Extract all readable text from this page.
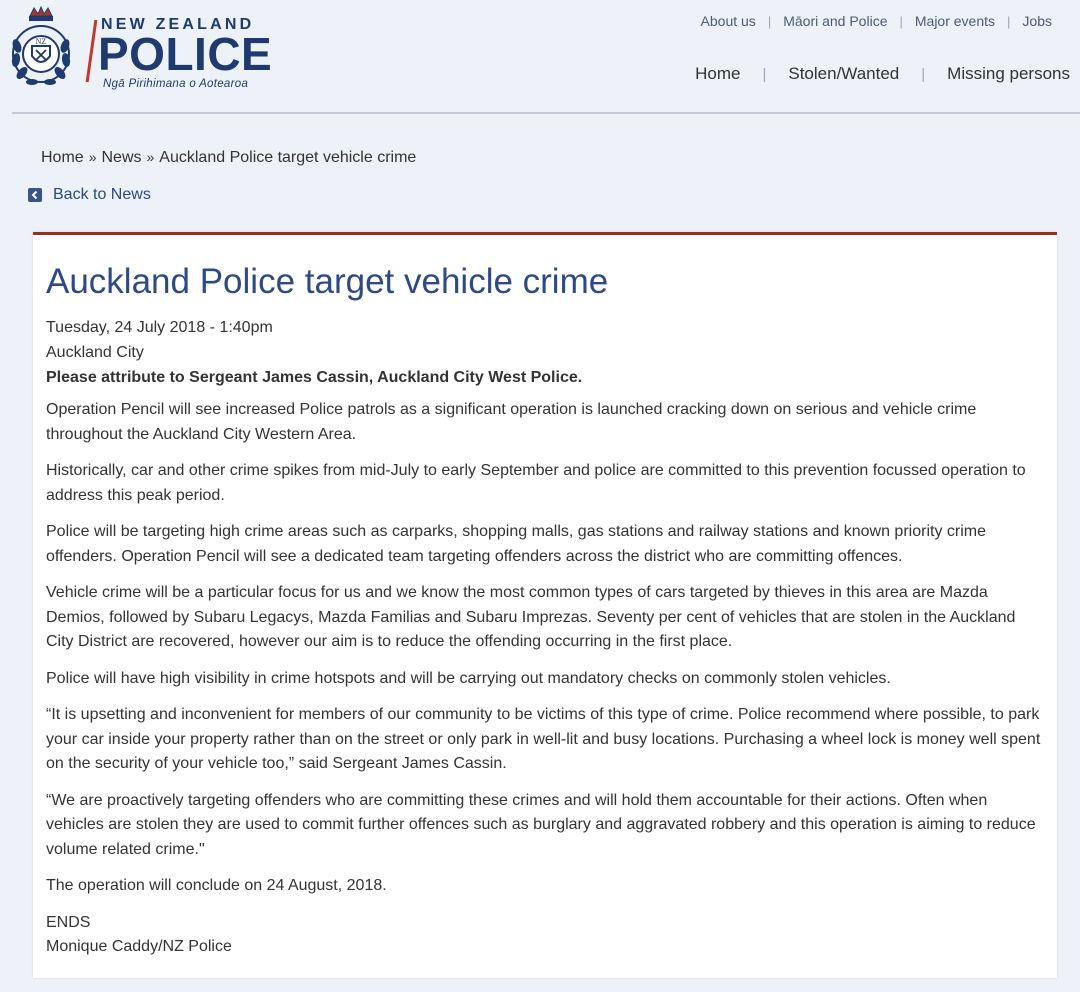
NZ
NEW ZEALAND
POLICE
Ngā Pirihimana o Aotearoa
About us | Māori and Police | Major events | Jobs
Home | Stolen/Wanted | Missing persons
Home » News » Auckland Police target vehicle crime
Back to News
Auckland Police target vehicle crime
Tuesday, 24 July 2018 - 1:40pm
Auckland City
Please attribute to Sergeant James Cassin, Auckland City West Police.

Operation Pencil will see increased Police patrols as a significant operation is launched cracking down on serious and vehicle crime throughout the Auckland City Western Area.

Historically, car and other crime spikes from mid-July to early September and police are committed to this prevention focussed operation to address this peak period.

Police will be targeting high crime areas such as carparks, shopping malls, gas stations and railway stations and known priority crime offenders. Operation Pencil will see a dedicated team targeting offenders across the district who are committing offences.

Vehicle crime will be a particular focus for us and we know the most common types of cars targeted by thieves in this area are Mazda Demios, followed by Subaru Legacys, Mazda Familias and Subaru Imprezas. Seventy per cent of vehicles that are stolen in the Auckland City District are recovered, however our aim is to reduce the offending occurring in the first place.

Police will have high visibility in crime hotspots and will be carrying out mandatory checks on commonly stolen vehicles.

“It is upsetting and inconvenient for members of our community to be victims of this type of crime. Police recommend where possible, to park your car inside your property rather than on the street or only park in well-lit and busy locations. Purchasing a wheel lock is money well spent on the security of your vehicle too,” said Sergeant James Cassin.

“We are proactively targeting offenders who are committing these crimes and will hold them accountable for their actions. Often when vehicles are stolen they are used to commit further offences such as burglary and aggravated robbery and this operation is aiming to reduce volume related crime."

The operation will conclude on 24 August, 2018.

ENDS
Monique Caddy/NZ Police
